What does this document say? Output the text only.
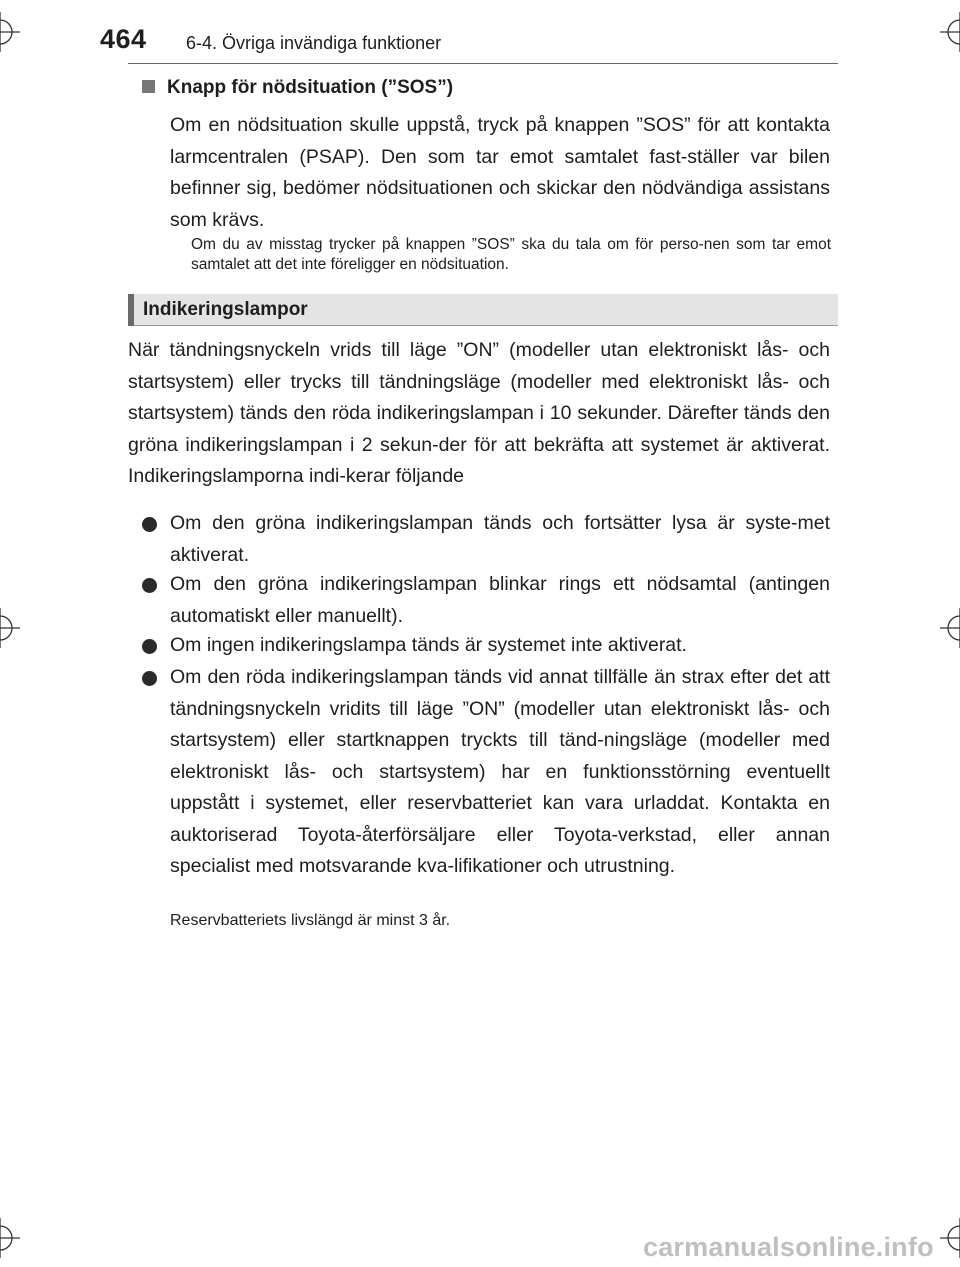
464 6-4. Övriga invändiga funktioner
Knapp för nödsituation (”SOS”)

Om en nödsituation skulle uppstå, tryck på knappen ”SOS” för att kontakta larmcentralen (PSAP). Den som tar emot samtalet fast-ställer var bilen befinner sig, bedömer nödsituationen och skickar den nödvändiga assistans som krävs.

Om du av misstag trycker på knappen ”SOS” ska du tala om för perso-nen som tar emot samtalet att det inte föreligger en nödsituation.

Indikeringslampor

När tändningsnyckeln vrids till läge ”ON” (modeller utan elektroniskt lås- och startsystem) eller trycks till tändningsläge (modeller med elektroniskt lås- och startsystem) tänds den röda indikeringslampan i 10 sekunder. Därefter tänds den gröna indikeringslampan i 2 sekun-der för att bekräfta att systemet är aktiverat. Indikeringslamporna indi-kerar följande

Om den gröna indikeringslampan tänds och fortsätter lysa är syste-met aktiverat.

Om den gröna indikeringslampan blinkar rings ett nödsamtal (antingen automatiskt eller manuellt).

Om ingen indikeringslampa tänds är systemet inte aktiverat.

Om den röda indikeringslampan tänds vid annat tillfälle än strax efter det att tändningsnyckeln vridits till läge ”ON” (modeller utan elektroniskt lås- och startsystem) eller startknappen tryckts till tänd-ningsläge (modeller med elektroniskt lås- och startsystem) har en funktionsstörning eventuellt uppstått i systemet, eller reservbatteriet kan vara urladdat. Kontakta en auktoriserad Toyota-återförsäljare eller Toyota-verkstad, eller annan specialist med motsvarande kva-lifikationer och utrustning.

Reservbatteriets livslängd är minst 3 år.

carmanualsonline.info
